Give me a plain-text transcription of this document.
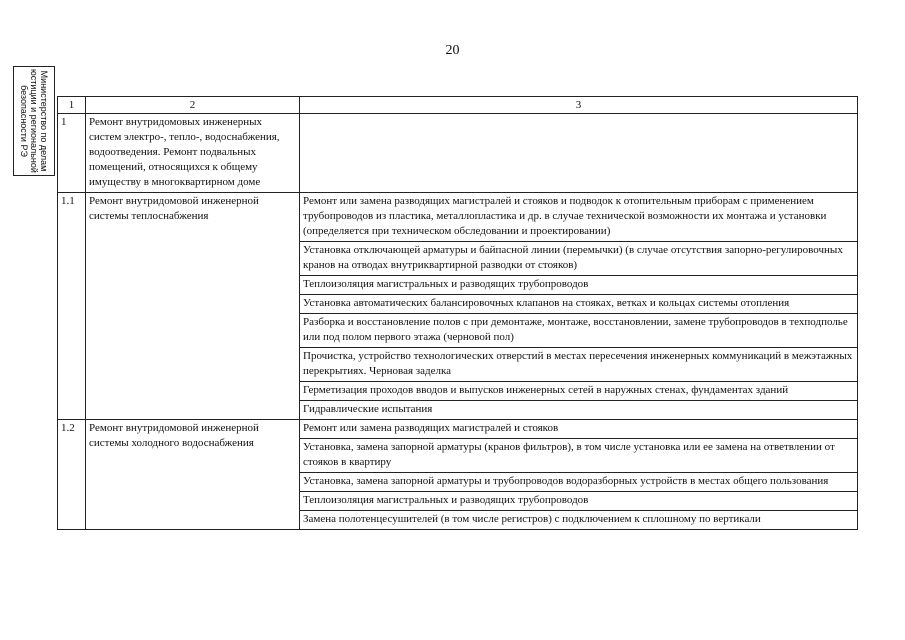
20
Министерство по делам юстиции и региональной безопасности РЭ	1	2	3
1	Ремонт внутридомовых инженерных систем электро-, тепло-, водоснабжения, водоотведения. Ремонт подвальных помещений, относящихся к общему имуществу в многоквартирном доме	
1.1	Ремонт внутридомовой инженерной системы теплоснабжения	Ремонт или замена разводящих магистралей и стояков и подводок к отопительным приборам с применением трубопроводов из пластика, металлопластика и др. в случае технической возможности их монтажа и установки (определяется при техническом обследовании и проектировании)
		Установка отключающей арматуры и байпасной линии (перемычки) (в случае отсутствия запорно-регулировочных кранов на отводах внутриквартирной разводки от стояков)
		Теплоизоляция магистральных и разводящих трубопроводов
		Установка автоматических балансировочных клапанов на стояках, ветках и кольцах системы отопления
		Разборка и восстановление полов с при демонтаже, монтаже, восстановлении, замене трубопроводов в техподполье или под полом первого этажа (черновой пол)
		Прочистка, устройство технологических отверстий в местах пересечения инженерных коммуникаций в межэтажных перекрытиях. Черновая заделка
		Герметизация проходов вводов и выпусков инженерных сетей в наружных стенах, фундаментах зданий
		Гидравлические испытания
1.2	Ремонт внутридомовой инженерной системы холодного водоснабжения	Ремонт или замена разводящих магистралей и стояков
		Установка, замена запорной арматуры (кранов фильтров), в том числе установка или ее замена на ответвлении от стояков в квартиру
		Установка, замена запорной арматуры и трубопроводов водоразборных устройств в местах общего пользования
		Теплоизоляция магистральных и разводящих трубопроводов
		Замена полотенцесушителей (в том числе регистров) с подключением к сплошному по вертикали
